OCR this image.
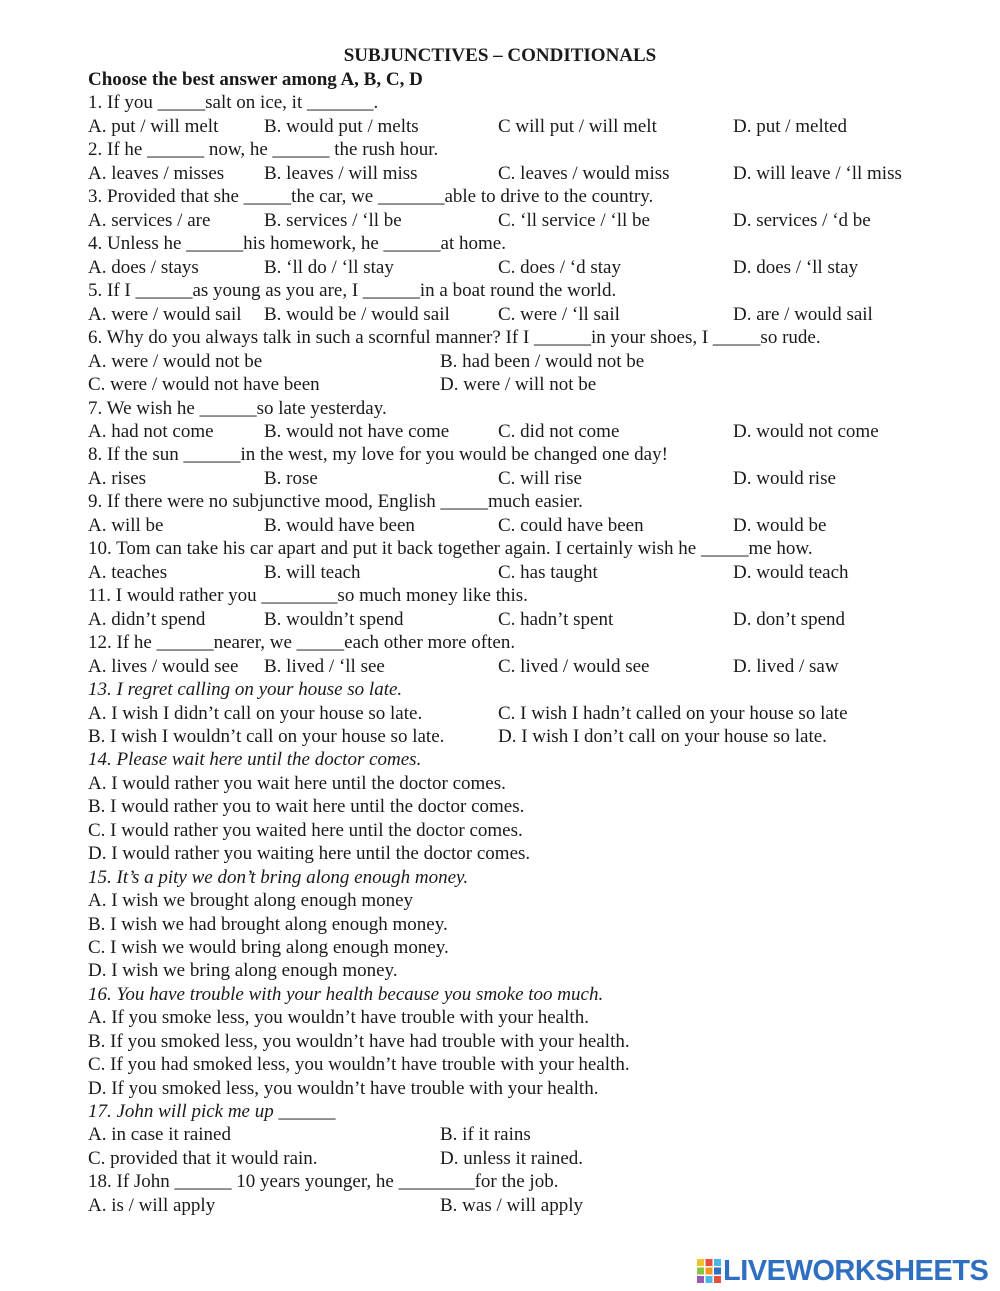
SUBJUNCTIVES – CONDITIONALS
Choose the best answer among A, B, C, D
1. If you _____salt on ice, it _______.
A. put / will melt B. would put / melts	C will put / will melt	D. put / melted
2. If he ______ now, he ______ the rush hour.
A. leaves / misses B. leaves / will miss	C. leaves / would miss	D. will leave / ‘ll miss
3. Provided that she _____the car, we _______able to drive to the country.
A. services / are	B. services / ‘ll be	C. ‘ll service / ‘ll be	D. services / ‘d be
4. Unless he ______his homework, he ______at home.
A. does / stays	B. ‘ll do / ‘ll stay	C. does / ‘d stay	D. does / ‘ll stay
5. If I ______as young as you are, I ______in a boat round the world.
A. were / would sail B. would be / would sail	C. were / ‘ll sail	D. are / would sail
6. Why do you always talk in such a scornful manner? If I ______in your shoes, I _____so rude.
A. were / would not be	B. had been / would not be
C. were / would not have been	D. were / will not be
7. We wish he ______so late yesterday.
A. had not come	B. would not have come	C. did not come	D. would not come
8. If the sun ______in the west, my love for you would be changed one day!
A. rises	B. rose	C. will rise	D. would rise
9. If there were no subjunctive mood, English _____much easier.
A. will be	B. would have been	C. could have been	D. would be
10. Tom can take his car apart and put it back together again. I certainly wish he _____me how.
A. teaches	B. will teach	C. has taught	D. would teach
11. I would rather you ________so much money like this.
A. didn’t spend	B. wouldn’t spend	C. hadn’t spent	D. don’t spend
12. If he ______nearer, we _____each other more often.
A. lives / would see B. lived / ‘ll see	C. lived / would see	D. lived / saw
13. I regret calling on your house so late.
A. I wish I didn’t call on your house so late.	C. I wish I hadn’t called on your house so late
B. I wish I wouldn’t call on your house so late.	D. I wish I don’t call on your house so late.
14. Please wait here until the doctor comes.
A. I would rather you wait here until the doctor comes.
B. I would rather you to wait here until the doctor comes.
C. I would rather you waited here until the doctor comes.
D. I would rather you waiting here until the doctor comes.
15. It’s a pity we don’t bring along enough money.
A. I wish we brought along enough money
B. I wish we had brought along enough money.
C. I wish we would bring along enough money.
D. I wish we bring along enough money.
16. You have trouble with your health because you smoke too much.
A. If you smoke less, you wouldn’t have trouble with your health.
B. If you smoked less, you wouldn’t have had trouble with your health.
C. If you had smoked less, you wouldn’t have trouble with your health.
D. If you smoked less, you wouldn’t have trouble with your health.
17. John will pick me up ______
A. in case it rained	B. if it rains
C. provided that it would rain.	D. unless it rained.
18. If John ______ 10 years younger, he ________for the job.
A. is / will apply	B. was / will apply
LIVEWORKSHEETS
